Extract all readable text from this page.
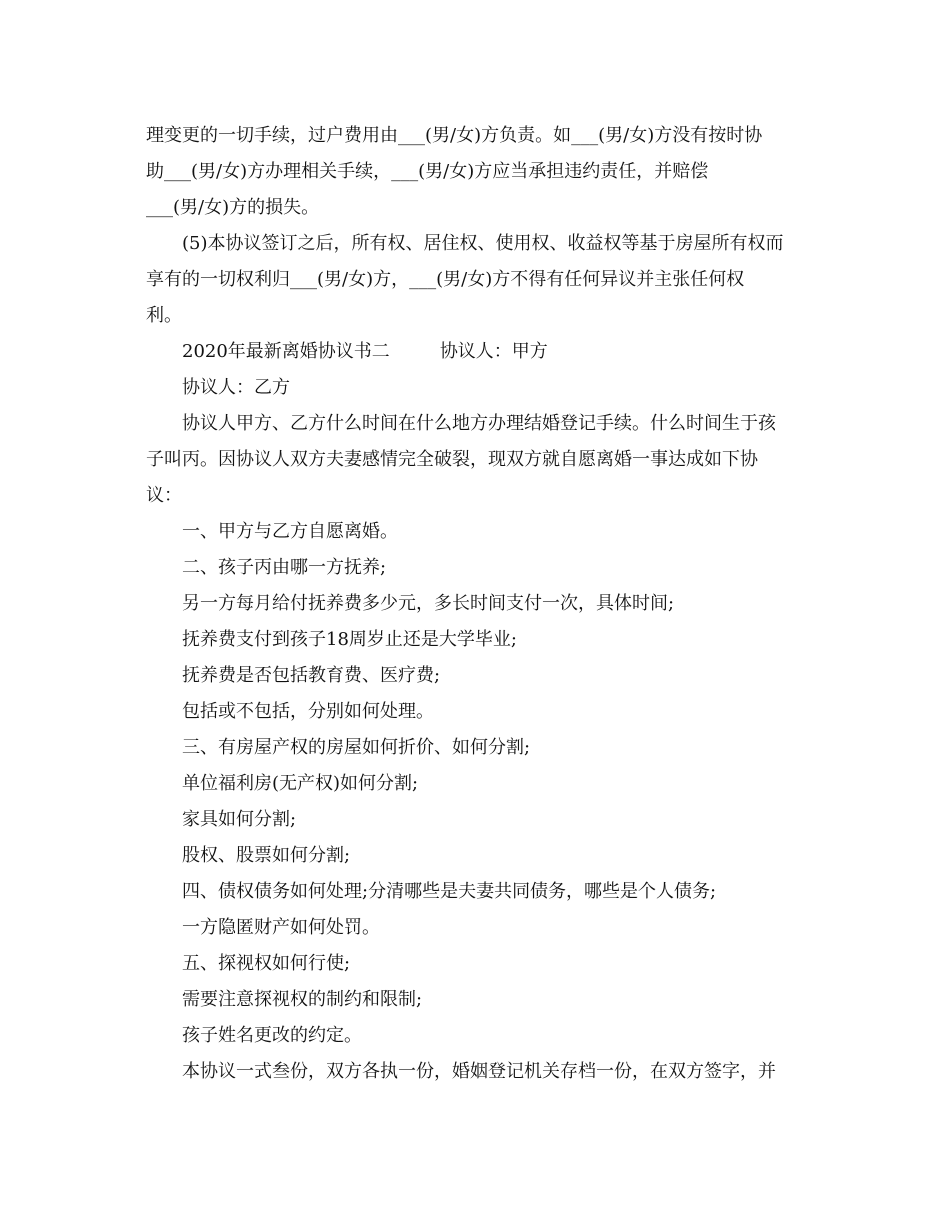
理变更的一切手续，过户费用由___(男/女)方负责。如___(男/女)方没有按时协
助___(男/女)方办理相关手续，___(男/女)方应当承担违约责任，并赔偿
___(男/女)方的损失。
(5)本协议签订之后，所有权、居住权、使用权、收益权等基于房屋所有权而
享有的一切权利归___(男/女)方，___(男/女)方不得有任何异议并主张任何权
利。
2020年最新离婚协议书二	协议人：甲方
协议人：乙方
协议人甲方、乙方什么时间在什么地方办理结婚登记手续。什么时间生于孩
子叫丙。因协议人双方夫妻感情完全破裂，现双方就自愿离婚一事达成如下协
议：
一、甲方与乙方自愿离婚。
二、孩子丙由哪一方抚养;
另一方每月给付抚养费多少元，多长时间支付一次，具体时间;
抚养费支付到孩子18周岁止还是大学毕业;
抚养费是否包括教育费、医疗费;
包括或不包括，分别如何处理。
三、有房屋产权的房屋如何折价、如何分割;
单位福利房(无产权)如何分割;
家具如何分割;
股权、股票如何分割;
四、债权债务如何处理;分清哪些是夫妻共同债务，哪些是个人债务;
一方隐匿财产如何处罚。
五、探视权如何行使;
需要注意探视权的制约和限制;
孩子姓名更改的约定。
本协议一式叁份，双方各执一份，婚姻登记机关存档一份，在双方签字，并
